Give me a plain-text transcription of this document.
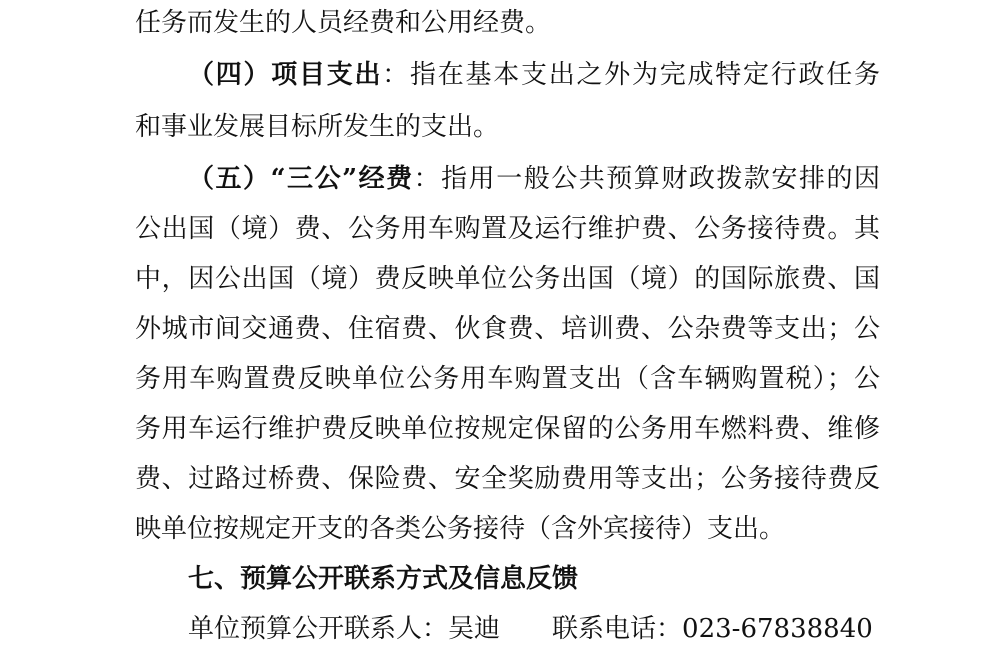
任务而发生的人员经费和公用经费。
（四）项目支出：指在基本支出之外为完成特定行政任务
和事业发展目标所发生的支出。
（五）“三公”经费：指用一般公共预算财政拨款安排的因
公出国（境）费、公务用车购置及运行维护费、公务接待费。其
中，因公出国（境）费反映单位公务出国（境）的国际旅费、国
外城市间交通费、住宿费、伙食费、培训费、公杂费等支出；公
务用车购置费反映单位公务用车购置支出（含车辆购置税）；公
务用车运行维护费反映单位按规定保留的公务用车燃料费、维修
费、过路过桥费、保险费、安全奖励费用等支出；公务接待费反
映单位按规定开支的各类公务接待（含外宾接待）支出。
七、预算公开联系方式及信息反馈
单位预算公开联系人：吴迪 联系电话：023-67838840
